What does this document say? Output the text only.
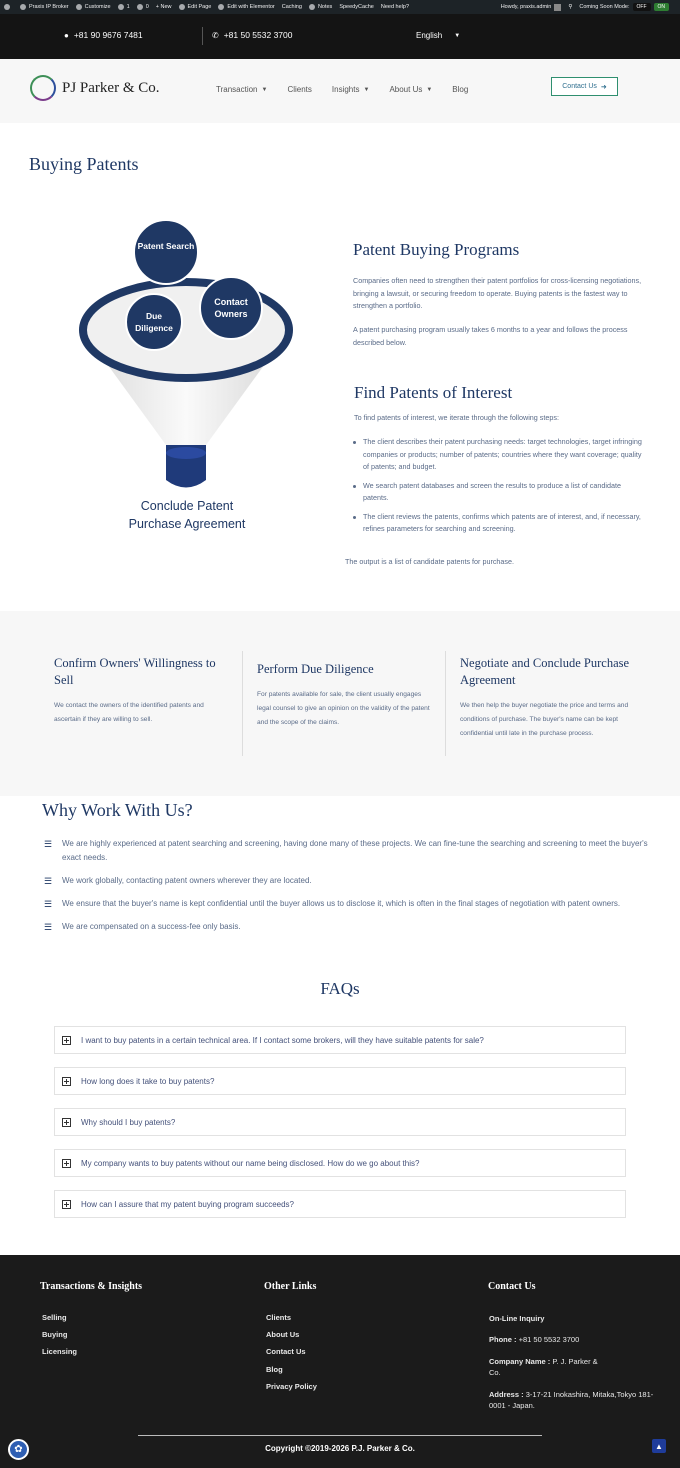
Praxis IP Broker	Customize	1	0 + New	Edit Page	Edit with Elementor Caching	Notes SpeedyCache Need help?	Howdy, praxis.admin	⚲ Coming Soon Mode:	OFF	ON
● +81 90 9676 7481	✆ +81 50 5532 3700	English ▼
PJ Parker & Co.	Transaction ▼	Clients	Insights ▼	About Us ▼	Blog	Contact Us ➜
Buying Patents
Patent Search
Due Diligence
Contact Owners
Conclude Patent
Purchase Agreement
Patent Buying Programs
Companies often need to strengthen their patent portfolios for cross-licensing negotiations, bringing a lawsuit, or securing freedom to operate. Buying patents is the fastest way to strengthen a portfolio.
A patent purchasing program usually takes 6 months to a year and follows the process described below.
Find Patents of Interest
To find patents of interest, we iterate through the following steps:
The client describes their patent purchasing needs: target technologies, target infringing companies or products; number of patents; countries where they want coverage; quality of patents; and budget.
We search patent databases and screen the results to produce a list of candidate patents.
The client reviews the patents, confirms which patents are of interest, and, if necessary, refines parameters for searching and screening.
The output is a list of candidate patents for purchase.
Confirm Owners' Willingness to Sell

We contact the owners of the identified patents and ascertain if they are willing to sell.

Perform Due Diligence

For patents available for sale, the client usually engages legal counsel to give an opinion on the validity of the patent and the scope of the claims.

Negotiate and Conclude Purchase Agreement

We then help the buyer negotiate the price and terms and conditions of purchase. The buyer's name can be kept confidential until late in the purchase process.

Why Work With Us?
☰	We are highly experienced at patent searching and screening, having done many of these projects. We can fine-tune the searching and screening to meet the buyer's exact needs.
☰	We work globally, contacting patent owners wherever they are located.
☰	We ensure that the buyer's name is kept confidential until the buyer allows us to disclose it, which is often in the final stages of negotiation with patent owners.
☰	We are compensated on a success-fee only basis.
FAQs
I want to buy patents in a certain technical area. If I contact some brokers, will they have suitable patents for sale?
How long does it take to buy patents?
Why should I buy patents?
My company wants to buy patents without our name being disclosed. How do we go about this?
How can I assure that my patent buying program succeeds?
Transactions & Insights
Selling
Buying
Licensing
Other Links
Clients
About Us
Contact Us
Blog
Privacy Policy
Contact Us
On-Line Inquiry
Phone : +81 50 5532 3700
Company Name : P. J. Parker & Co.
Address : 3-17-21 Inokashira, Mitaka,Tokyo 181-0001 - Japan.
Copyright ©2019-2026 P.J. Parker & Co.
✿	▲
